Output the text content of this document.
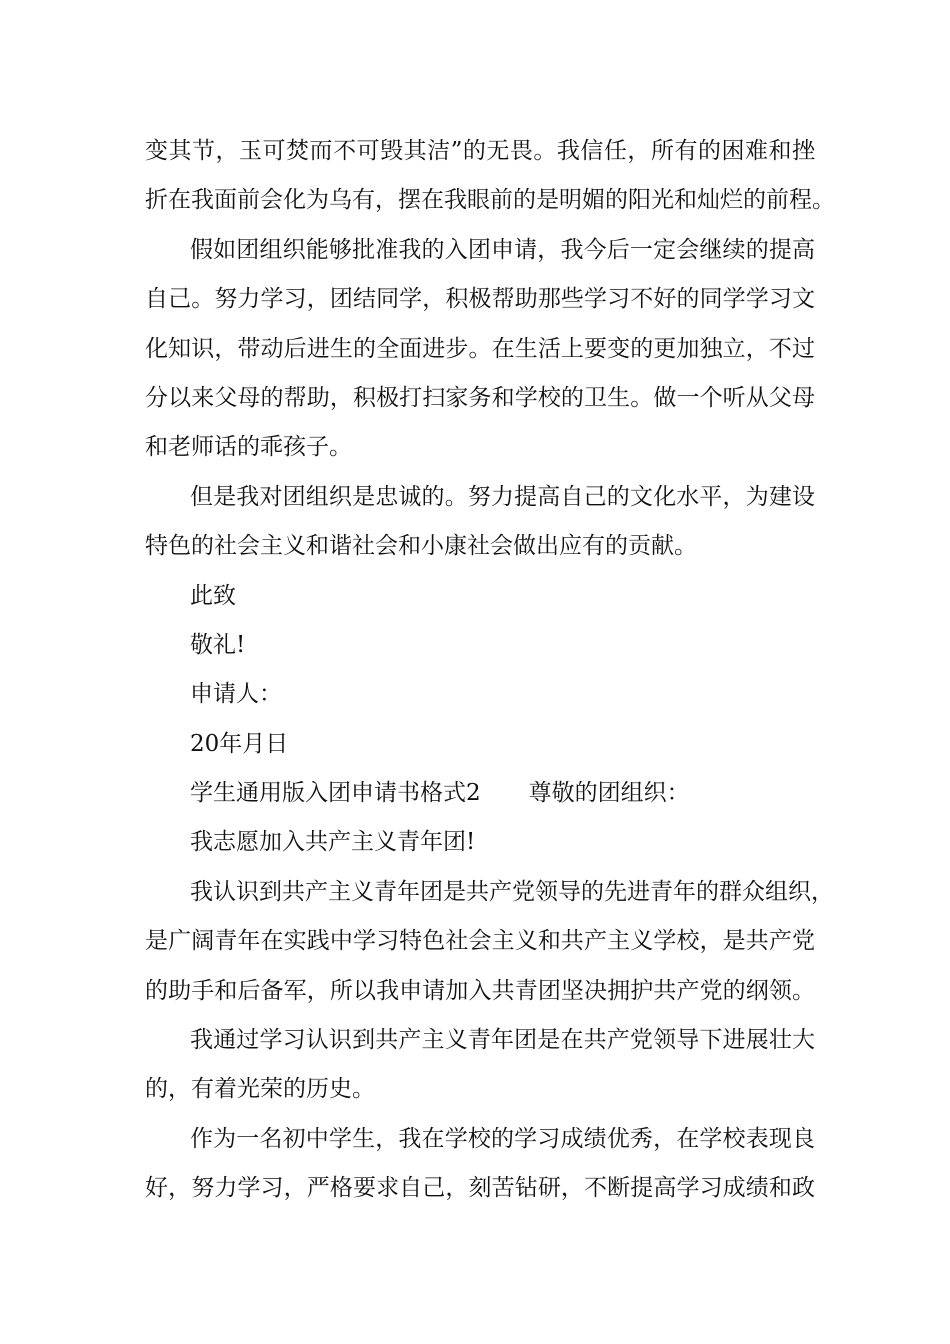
变其节，玉可焚而不可毁其洁”的无畏。我信任，所有的困难和挫

折在我面前会化为乌有，摆在我眼前的是明媚的阳光和灿烂的前程。

假如团组织能够批准我的入团申请，我今后一定会继续的提高

自己。努力学习，团结同学，积极帮助那些学习不好的同学学习文

化知识，带动后进生的全面进步。在生活上要变的更加独立，不过

分以来父母的帮助，积极打扫家务和学校的卫生。做一个听从父母

和老师话的乖孩子。

但是我对团组织是忠诚的。努力提高自己的文化水平，为建设

特色的社会主义和谐社会和小康社会做出应有的贡献。

此致

敬礼!

申请人：

20年月日

学生通用版入团申请书格式2 尊敬的团组织：

我志愿加入共产主义青年团!

我认识到共产主义青年团是共产党领导的先进青年的群众组织，

是广阔青年在实践中学习特色社会主义和共产主义学校，是共产党

的助手和后备军，所以我申请加入共青团坚决拥护共产党的纲领。

我通过学习认识到共产主义青年团是在共产党领导下进展壮大

的，有着光荣的历史。

作为一名初中学生，我在学校的学习成绩优秀，在学校表现良

好，努力学习，严格要求自己，刻苦钻研，不断提高学习成绩和政
